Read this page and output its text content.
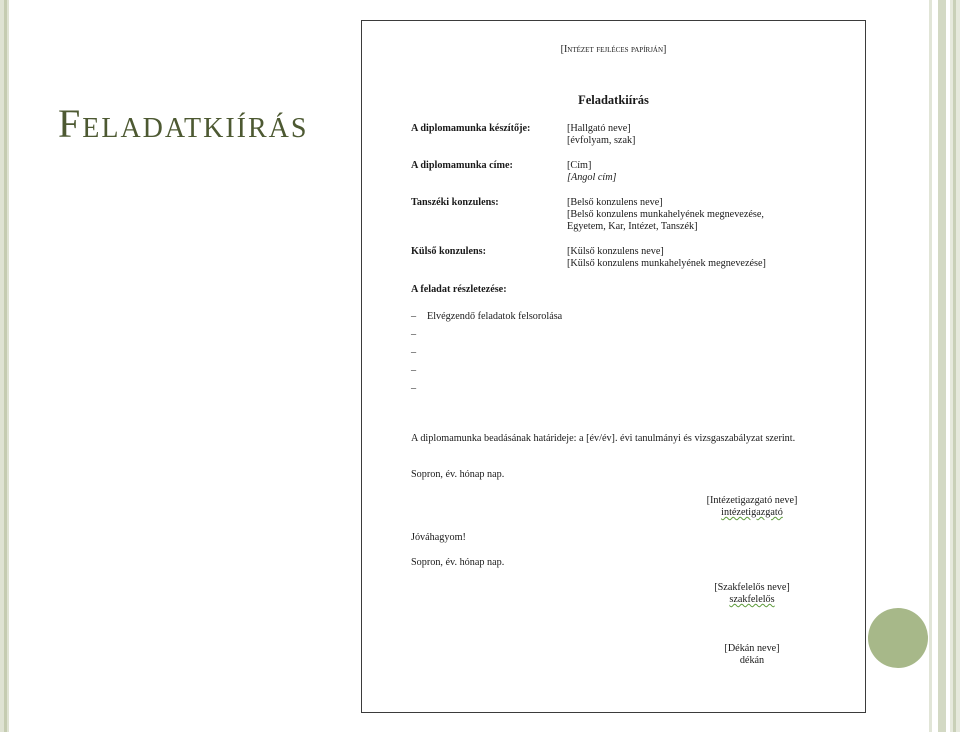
Feladatkiírás
[Intézet fejléces papírján]
Feladatkiírás
A diplomamunka készítője:	[Hallgató neve]
[évfolyam, szak]
A diplomamunka címe:	[Cím]
[Angol cím]
Tanszéki konzulens:	[Belső konzulens neve]
[Belső konzulens munkahelyének megnevezése,
Egyetem, Kar, Intézet, Tanszék]
Külső konzulens:	[Külső konzulens neve]
[Külső konzulens munkahelyének megnevezése]
A feladat részletezése:
– Elvégzendő feladatok felsorolása
–
–
–
–
A diplomamunka beadásának határideje: a [év/év]. évi tanulmányi és vizsgaszabályzat szerint.
Sopron, év. hónap nap.
[Intézetigazgató neve]
intézetigazgató
Jóváhagyom!
Sopron, év. hónap nap.
[Szakfelelős neve]
szakfelelős
[Dékán neve]
dékán
